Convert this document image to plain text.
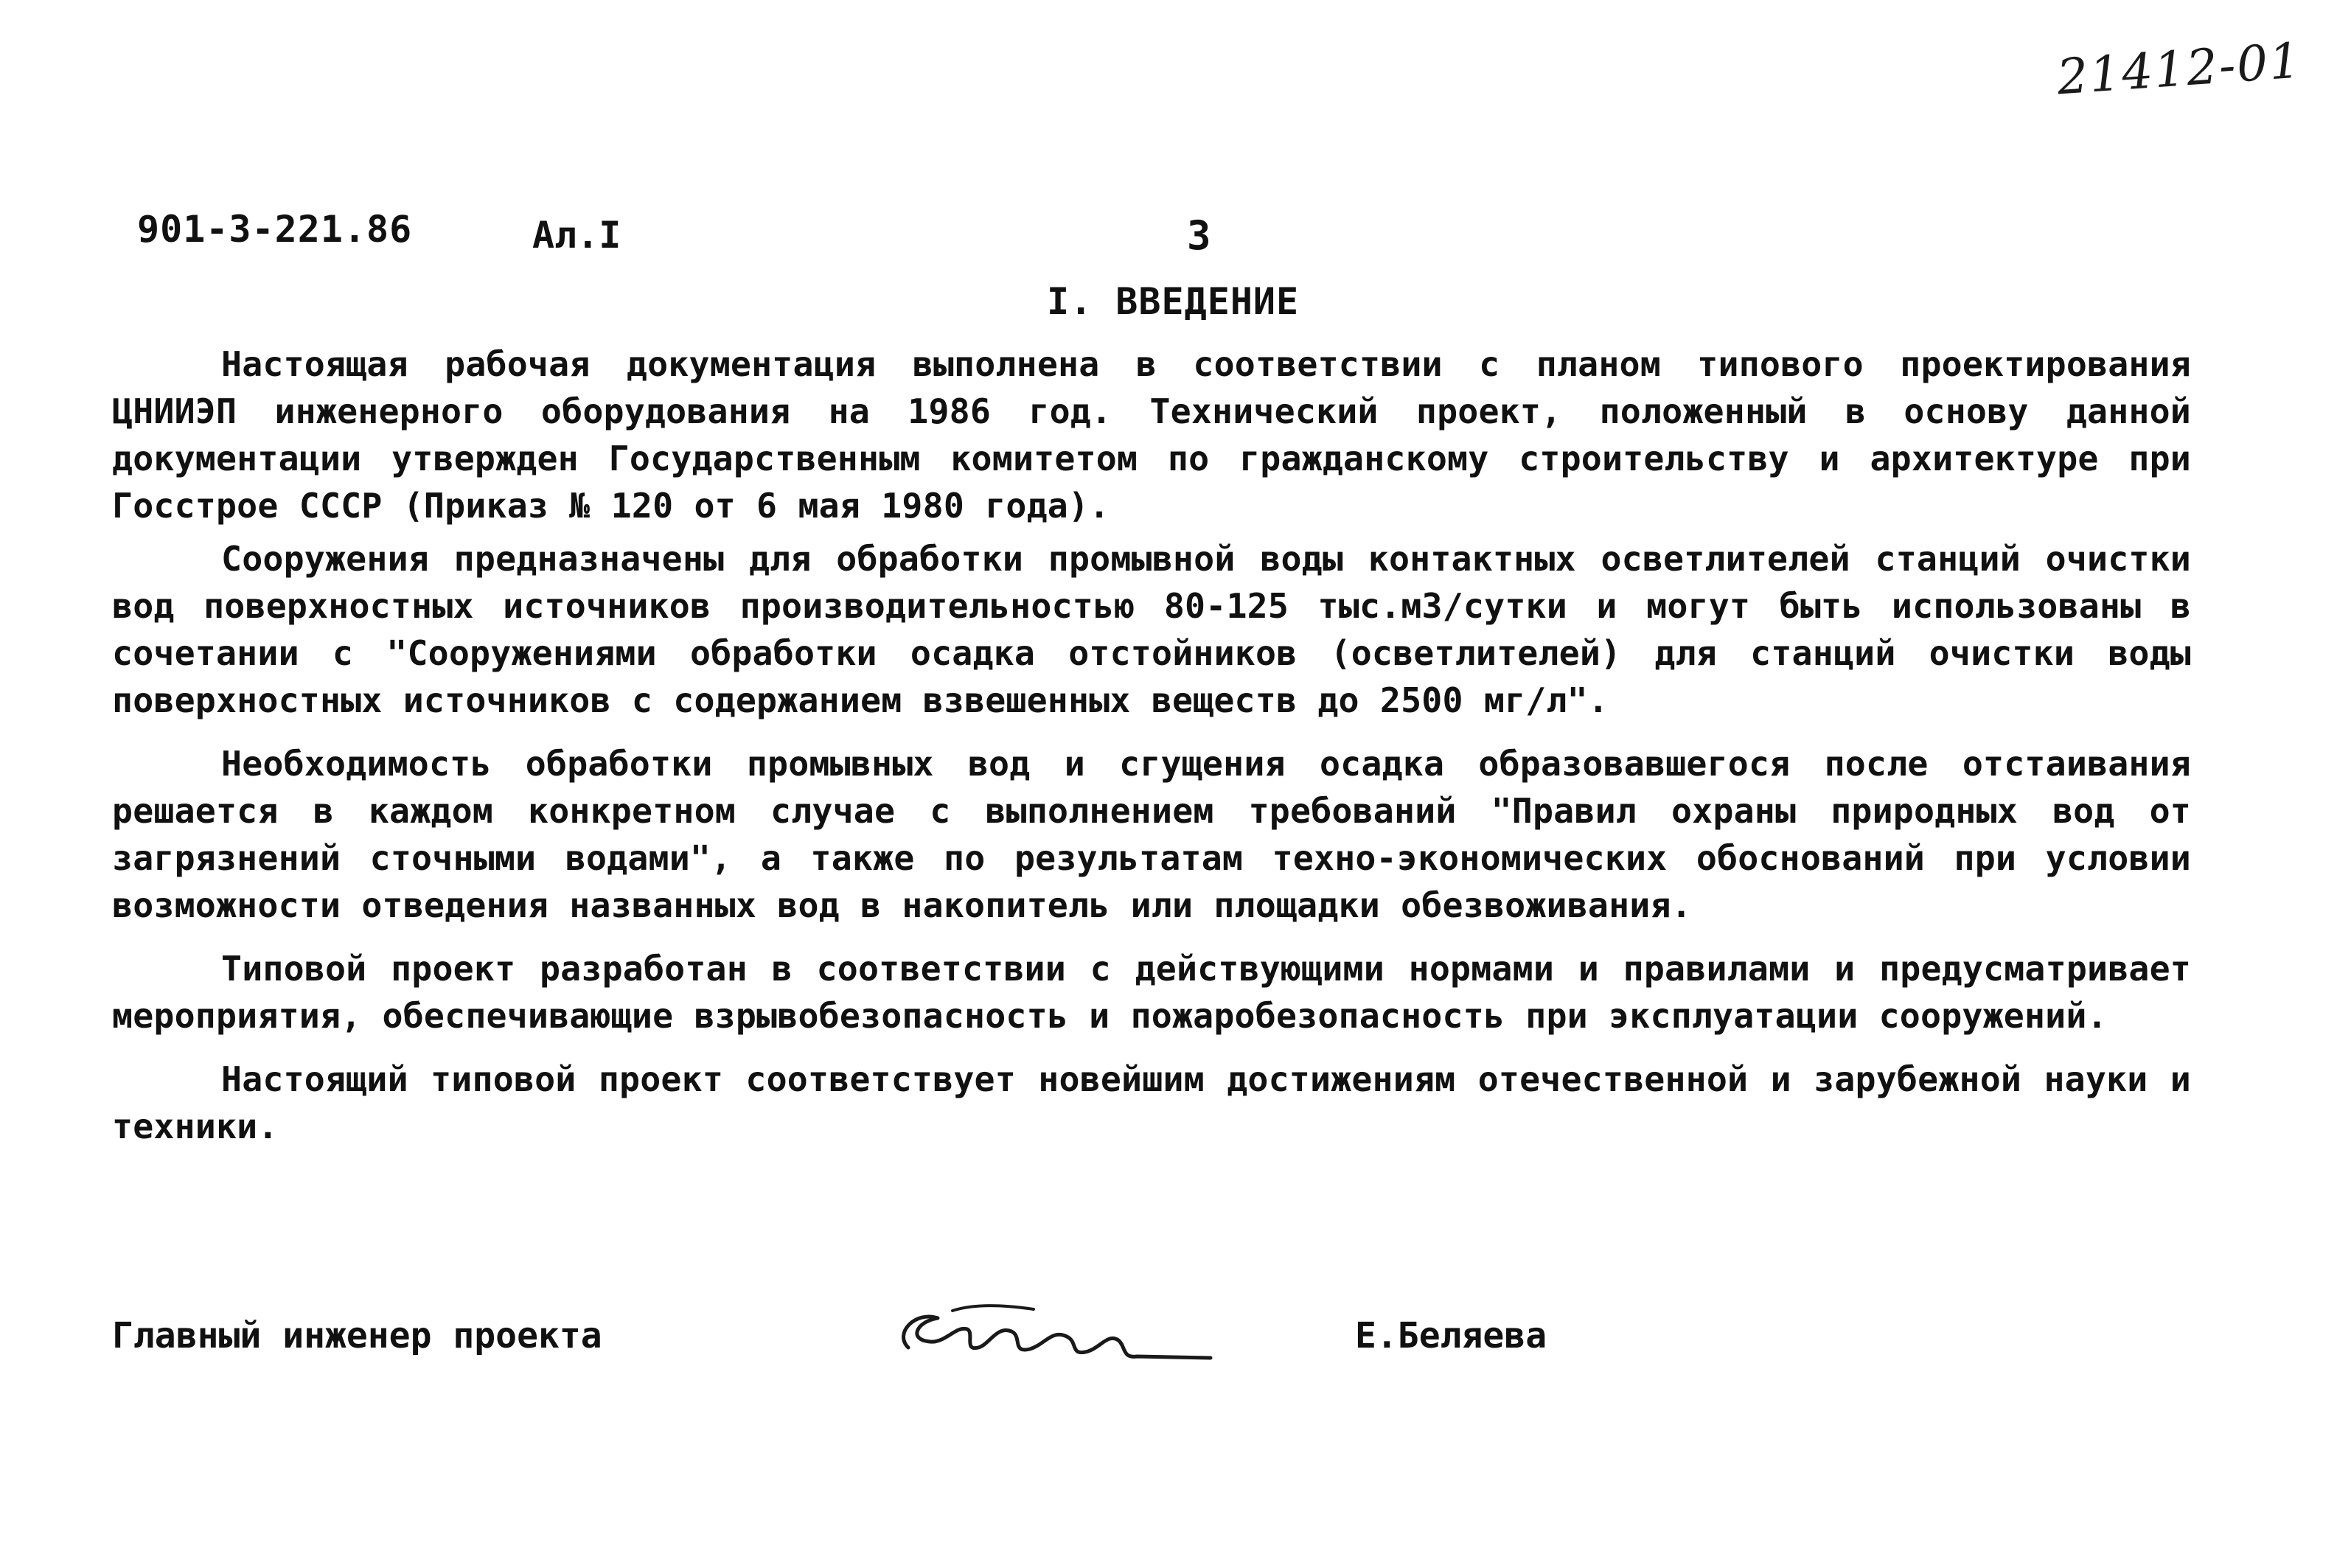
21412-01
901-3-221.86	Ал.I	3
I. ВВЕДЕНИЕ

Настоящая рабочая документация выполнена в соответствии с планом типового проектирования ЦНИИЭП инженерного оборудования на 1986 год. Технический проект, положенный в основу данной документации утвержден Государственным комитетом по гражданскому строительству и архитектуре при Госстрое СССР (Приказ № 120 от 6 мая 1980 года).

Сооружения предназначены для обработки промывной воды контактных осветлителей станций очистки вод поверхностных источников производительностью 80-125 тыс.м3/сутки и могут быть использованы в сочетании с "Сооружениями обработки осадка отстойников (осветлителей) для станций очистки воды поверхностных источников с содержанием взвешенных веществ до 2500 мг/л".

Необходимость обработки промывных вод и сгущения осадка образовавшегося после отстаивания решается в каждом конкретном случае с выполнением требований "Правил охраны природных вод от загрязнений сточными водами", а также по результатам техно-экономических обоснований при условии возможности отведения названных вод в накопитель или площадки обезвоживания.

Типовой проект разработан в соответствии с действующими нормами и правилами и предусматривает мероприятия, обеспечивающие взрывобезопасность и пожаробезопасность при эксплуатации сооружений.

Настоящий типовой проект соответствует новейшим достижениям отечественной и зарубежной науки и техники.

Главный инженер проекта	Е.Беляева
